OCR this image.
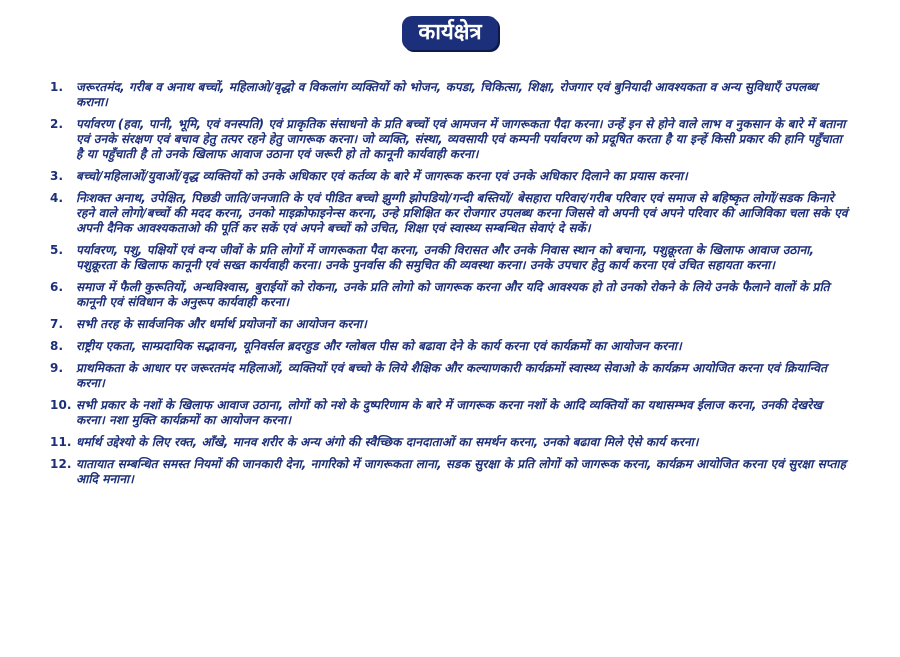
कार्यक्षेत्र
1.	जरूरतमंद, गरीब व अनाथ बच्चों, महिलाओ/वृद्धो व विकलांग व्यक्तियों को भोजन, कपडा, चिकित्सा, शिक्षा, रोजगार एवं बुनियादी आवश्यकता व अन्य सुविधाएँ उपलब्ध कराना।
2.	पर्यावरण (हवा, पानी, भूमि, एवं वनस्पति) एवं प्राकृतिक संसाधनो के प्रति बच्चों एवं आमजन में जागरूकता पैदा करना। उन्हें इन से होने वाले लाभ व नुकसान के बारे में बताना एवं उनके संरक्षण एवं बचाव हेतु तत्पर रहने हेतु जागरूक करना। जो व्यक्ति, संस्था, व्यवसायी एवं कम्पनी पर्यावरण को प्रदूषित करता है या इन्हें किसी प्रकार की हानि पहुँचाता है या पहुँचाती है तो उनके खिलाफ आवाज उठाना एवं जरूरी हो तो कानूनी कार्यवाही करना।
3.	बच्चो/महिलाओं/युवाओं/वृद्ध व्यक्तियों को उनके अधिकार एवं कर्तव्य के बारे में जागरूक करना एवं उनके अधिकार दिलाने का प्रयास करना।
4.	निःशक्त अनाथ, उपेक्षित, पिछडी जाति/जनजाति के एवं पीडित बच्चो झुग्गी झोपडियो/गन्दी बस्तियों/ बेसहारा परिवार/गरीब परिवार एवं समाज से बहिष्कृत लोगों/सडक किनारे रहने वाले लोगो/बच्चों की मदद करना, उनको माइक्रोफाइनेन्स करना, उन्हे प्रशिक्षित कर रोजगार उपलब्ध करना जिससे वो अपनी एवं अपने परिवार की आजिविका चला सके एवं अपनी दैनिक आवश्यकताओ की पूर्ति कर सकें एवं अपने बच्चों को उचित, शिक्षा एवं स्वास्थ्य सम्बन्धित सेवाएं दे सकें।
5.	पर्यावरण, पशु, पक्षियों एवं वन्य जीवों के प्रति लोगों में जागरूकता पैदा करना, उनकी विरासत और उनके निवास स्थान को बचाना, पशुक्रूरता के खिलाफ आवाज उठाना, पशुक्रूरता के खिलाफ कानूनी एवं सख्त कार्यवाही करना। उनके पुनर्वास की समुचित की व्यवस्था करना। उनके उपचार हेतु कार्य करना एवं उचित सहायता करना।
6.	समाज में फैली कुरूतियों, अन्धविश्वास, बुराईयों को रोकना, उनके प्रति लोगो को जागरूक करना और यदि आवश्यक हो तो उनको रोकने के लिये उनके फैलाने वालों के प्रति कानूनी एवं संविधान के अनुरूप कार्यवाही करना।
7.	सभी तरह के सार्वजनिक और धर्मार्थ प्रयोजनों का आयोजन करना।
8.	राष्ट्रीय एकता, साम्प्रदायिक सद्भावना, यूनिवर्सल ब्रदरहुड और ग्लोबल पीस को बढावा देने के कार्य करना एवं कार्यक्रमों का आयोजन करना।
9.	प्राथमिकता के आधार पर जरूरतमंद महिलाओं, व्यक्तियों एवं बच्चो के लिये शैक्षिक और कल्याणकारी कार्यक्रमों स्वास्थ्य सेवाओ के कार्यक्रम आयोजित करना एवं क्रियान्वित करना।
10. सभी प्रकार के नशों के खिलाफ आवाज उठाना, लोगों को नशे के दुष्परिणाम के बारे में जागरूक करना नशों के आदि व्यक्तियों का यथासम्भव ईलाज करना, उनकी देखरेख करना। नशा मुक्ति कार्यक्रमों का आयोजन करना।
11. धर्मार्थ उद्देश्यो के लिए रक्त, आँखे, मानव शरीर के अन्य अंगो की स्वैच्छिक दानदाताओं का समर्थन करना, उनको बढावा मिले ऐसे कार्य करना।
12. यातायात सम्बन्धित समस्त नियमों की जानकारी देना, नागरिको में जागरूकता लाना, सडक सुरक्षा के प्रति लोगों को जागरूक करना, कार्यक्रम आयोजित करना एवं सुरक्षा सप्ताह आदि मनाना।
